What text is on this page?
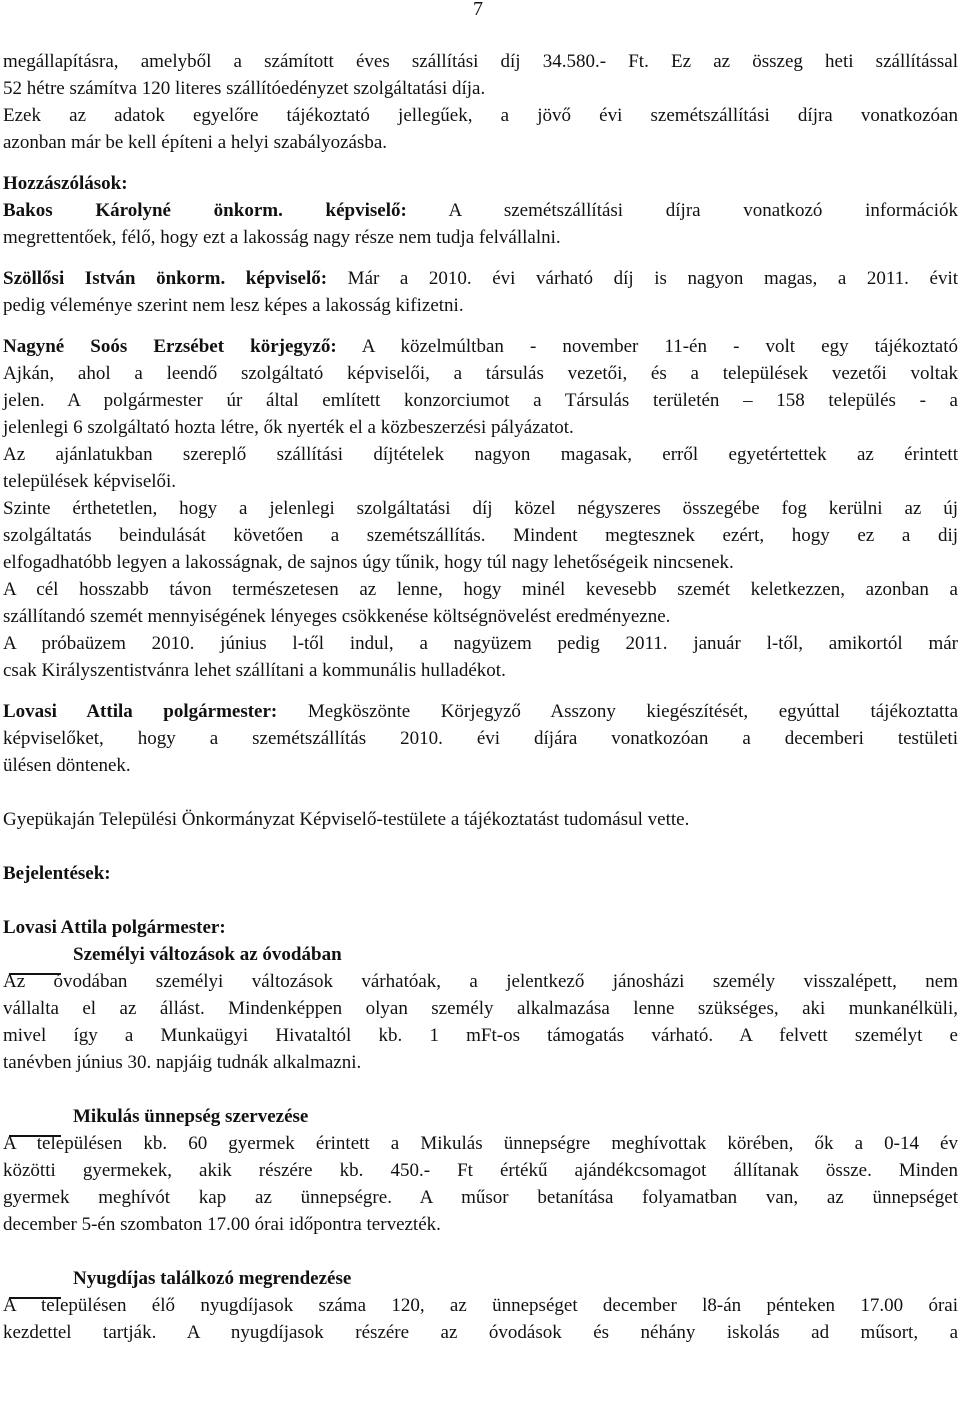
7

megállapításra, amelyből a számított éves szállítási díj 34.580.- Ft. Ez az összeg heti szállítással
52 hétre számítva 120 literes szállítóedényzet szolgáltatási díja.
Ezek az adatok egyelőre tájékoztató jellegűek, a jövő évi szemétszállítási díjra vonatkozóan
azonban már be kell építeni a helyi szabályozásba.

Hozzászólások:

Bakos Károlyné önkorm. képviselő: A szemétszállítási díjra vonatkozó információk
megrettentőek, félő, hogy ezt a lakosság nagy része nem tudja felvállalni.

Szöllősi István önkorm. képviselő: Már a 2010. évi várható díj is nagyon magas, a 2011. évit
pedig véleménye szerint nem lesz képes a lakosság kifizetni.

Nagyné Soós Erzsébet körjegyző: A közelmúltban - november 11-én - volt egy tájékoztató
Ajkán, ahol a leendő szolgáltató képviselői, a társulás vezetői, és a települések vezetői voltak
jelen. A polgármester úr által említett konzorciumot a Társulás területén – 158 település - a
jelenlegi 6 szolgáltató hozta létre, ők nyerték el a közbeszerzési pályázatot.
Az ajánlatukban szereplő szállítási díjtételek nagyon magasak, erről egyetértettek az érintett
települések képviselői.
Szinte érthetetlen, hogy a jelenlegi szolgáltatási díj közel négyszeres összegébe fog kerülni az új
szolgáltatás beindulását követően a szemétszállítás. Mindent megtesznek ezért, hogy ez a dij
elfogadhatóbb legyen a lakosságnak, de sajnos úgy tűnik, hogy túl nagy lehetőségeik nincsenek.
A cél hosszabb távon természetesen az lenne, hogy minél kevesebb szemét keletkezzen, azonban a
szállítandó szemét mennyiségének lényeges csökkenése költségnövelést eredményezne.
A próbaüzem 2010. június l-től indul, a nagyüzem pedig 2011. január l-től, amikortól már
csak Királyszentistvánra lehet szállítani a kommunális hulladékot.

Lovasi Attila polgármester: Megköszönte Körjegyző Asszony kiegészítését, egyúttal tájékoztatta
képviselőket, hogy a szemétszállítás 2010. évi díjára vonatkozóan a decemberi testületi
ülésen döntenek.

Gyepükaján Települési Önkormányzat Képviselő-testülete a tájékoztatást tudomásul vette.

Bejelentések:

Lovasi Attila polgármester:

Személyi változások az óvodában
Az óvodában személyi változások várhatóak, a jelentkező jánosházi személy visszalépett, nem
vállalta el az állást. Mindenképpen olyan személy alkalmazása lenne szükséges, aki munkanélküli,
mivel így a Munkaügyi Hivataltól kb. 1 mFt-os támogatás várható. A felvett személyt e
tanévben június 30. napjáig tudnák alkalmazni.

Mikulás ünnepség szervezése
A településen kb. 60 gyermek érintett a Mikulás ünnepségre meghívottak körében, ők a 0-14 év
közötti gyermekek, akik részére kb. 450.- Ft értékű ajándékcsomagot állítanak össze. Minden
gyermek meghívót kap az ünnepségre. A műsor betanítása folyamatban van, az ünnepséget
december 5-én szombaton 17.00 órai időpontra tervezték.

Nyugdíjas találkozó megrendezése
A településen élő nyugdíjasok száma 120, az ünnepséget december l8-án pénteken 17.00 órai
kezdettel tartják. A nyugdíjasok részére az óvodások és néhány iskolás ad műsort, a
